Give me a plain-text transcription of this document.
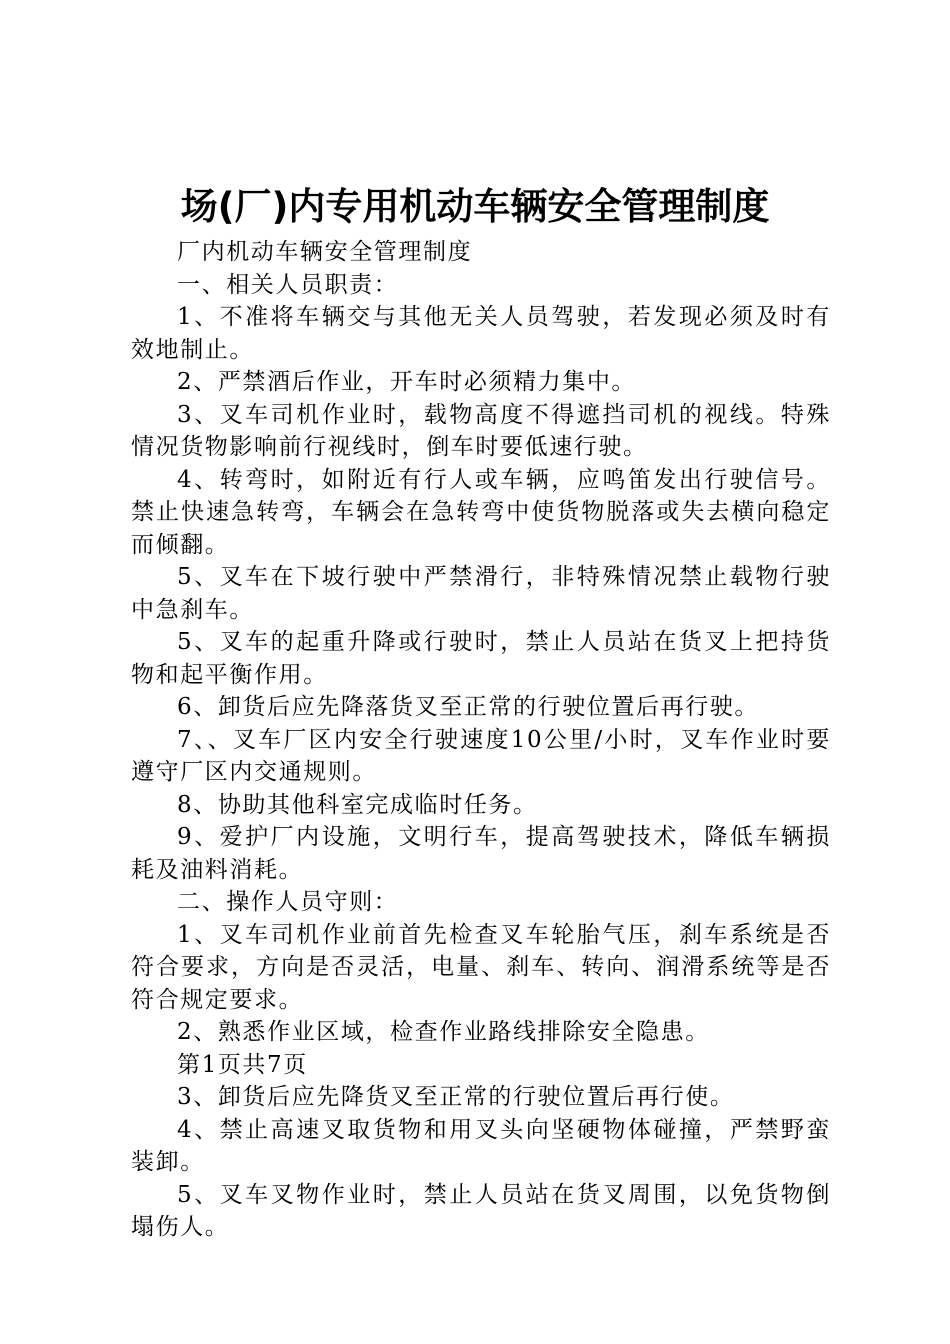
场(厂)内专用机动车辆安全管理制度

厂内机动车辆安全管理制度

一、相关人员职责：

1、不准将车辆交与其他无关人员驾驶，若发现必须及时有效地制止。

2、严禁酒后作业，开车时必须精力集中。

3、叉车司机作业时，载物高度不得遮挡司机的视线。特殊情况货物影响前行视线时，倒车时要低速行驶。

4、转弯时，如附近有行人或车辆，应鸣笛发出行驶信号。禁止快速急转弯，车辆会在急转弯中使货物脱落或失去横向稳定而倾翻。

5、叉车在下坡行驶中严禁滑行，非特殊情况禁止载物行驶中急刹车。

5、叉车的起重升降或行驶时，禁止人员站在货叉上把持货物和起平衡作用。

6、卸货后应先降落货叉至正常的行驶位置后再行驶。

7、、叉车厂区内安全行驶速度10公里/小时，叉车作业时要遵守厂区内交通规则。

8、协助其他科室完成临时任务。

9、爱护厂内设施，文明行车，提高驾驶技术，降低车辆损耗及油料消耗。

二、操作人员守则：

1、叉车司机作业前首先检查叉车轮胎气压，刹车系统是否符合要求，方向是否灵活，电量、刹车、转向、润滑系统等是否符合规定要求。

2、熟悉作业区域，检查作业路线排除安全隐患。

第1页共7页

3、卸货后应先降货叉至正常的行驶位置后再行使。

4、禁止高速叉取货物和用叉头向坚硬物体碰撞，严禁野蛮装卸。

5、叉车叉物作业时，禁止人员站在货叉周围，以免货物倒塌伤人。
